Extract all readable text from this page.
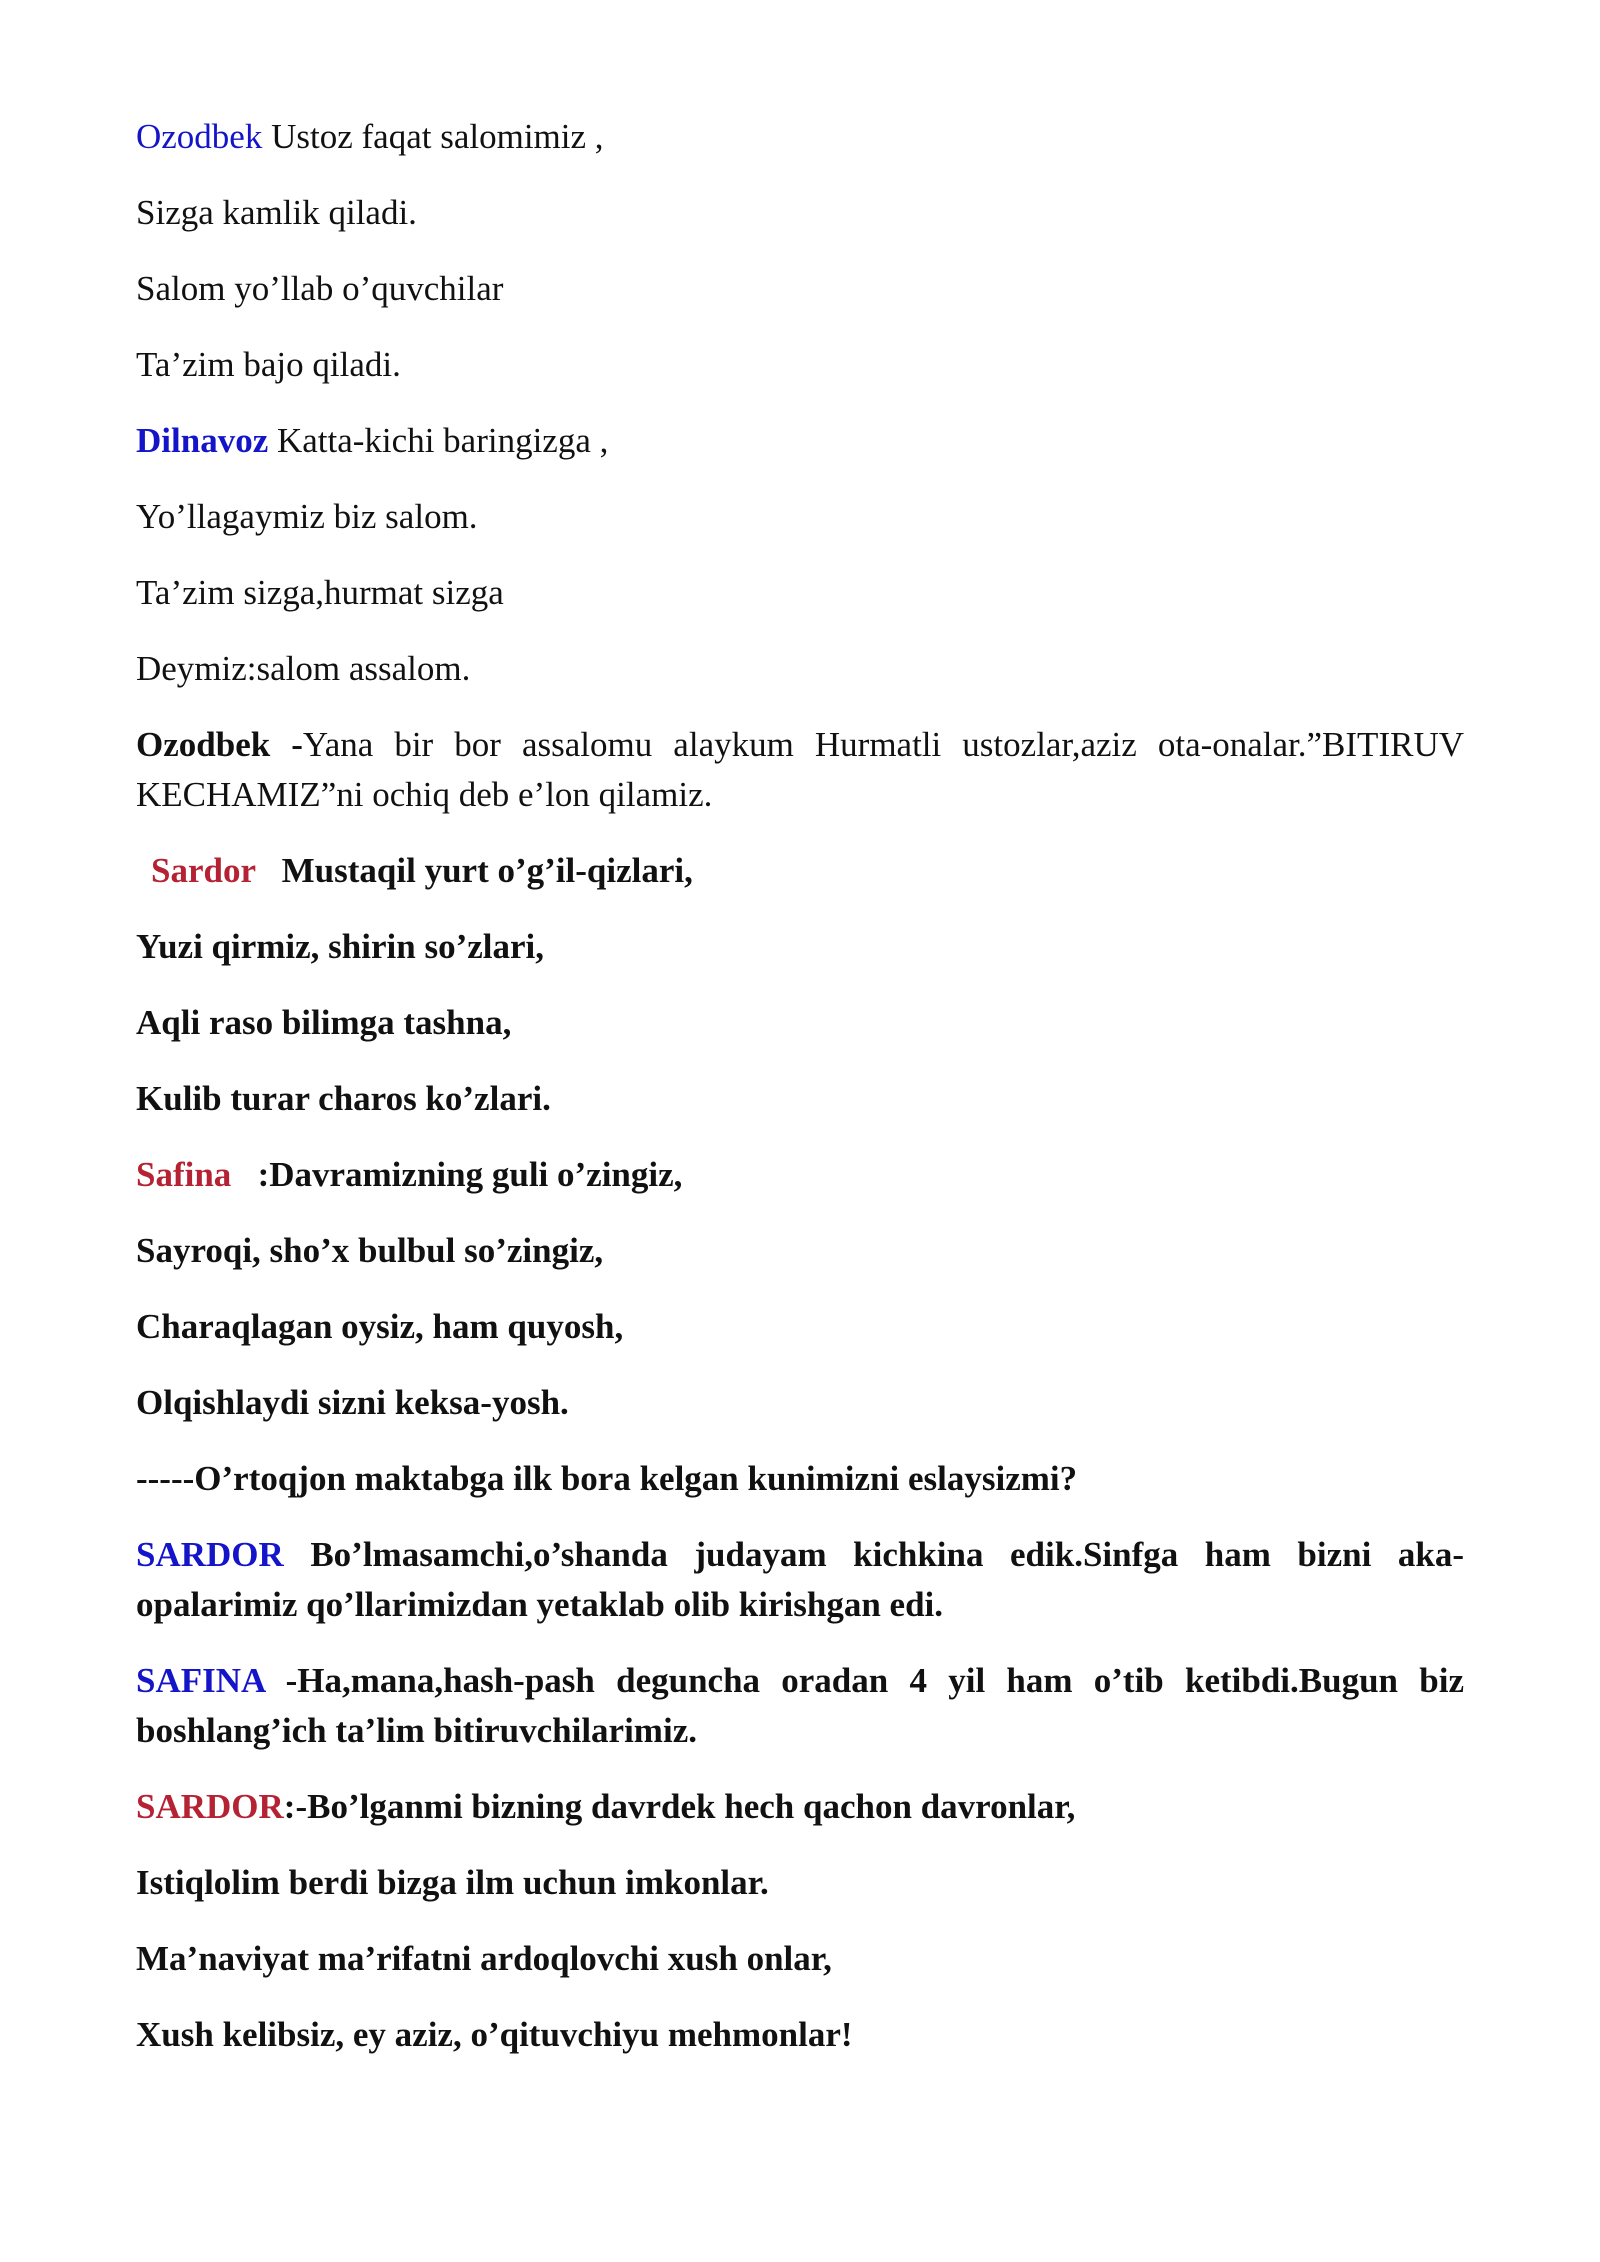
Ozodbek Ustoz faqat salomimiz ,

Sizga kamlik qiladi.

Salom yo’llab o’quvchilar

Ta’zim bajo qiladi.

Dilnavoz Katta-kichi baringizga ,

Yo’llagaymiz biz salom.

Ta’zim sizga,hurmat sizga

Deymiz:salom assalom.

Ozodbek -Yana bir bor assalomu alaykum Hurmatli ustozlar,aziz ota-onalar.”BITIRUV KECHAMIZ”ni ochiq deb e’lon qilamiz.

Sardor   Mustaqil yurt o’g’il-qizlari,

Yuzi qirmiz, shirin so’zlari,

Aqli raso bilimga tashna,

Kulib turar charos ko’zlari.

Safina   :Davramizning guli o’zingiz,

Sayroqi, sho’x bulbul so’zingiz,

Charaqlagan oysiz, ham quyosh,

Olqishlaydi sizni keksa-yosh.

-----O’rtoqjon maktabga ilk bora kelgan kunimizni eslaysizmi?

SARDOR Bo’lmasamchi,o’shanda judayam kichkina edik.Sinfga ham bizni aka-opalarimiz qo’llarimizdan yetaklab olib kirishgan edi.

SAFINA -Ha,mana,hash-pash deguncha oradan 4 yil ham o’tib ketibdi.Bugun biz boshlang’ich ta’lim bitiruvchilarimiz.

SARDOR:-Bo’lganmi bizning davrdek hech qachon davronlar,

Istiqlolim berdi bizga ilm uchun imkonlar.

Ma’naviyat ma’rifatni ardoqlovchi xush onlar,

Xush kelibsiz, ey aziz, o’qituvchiyu mehmonlar!
